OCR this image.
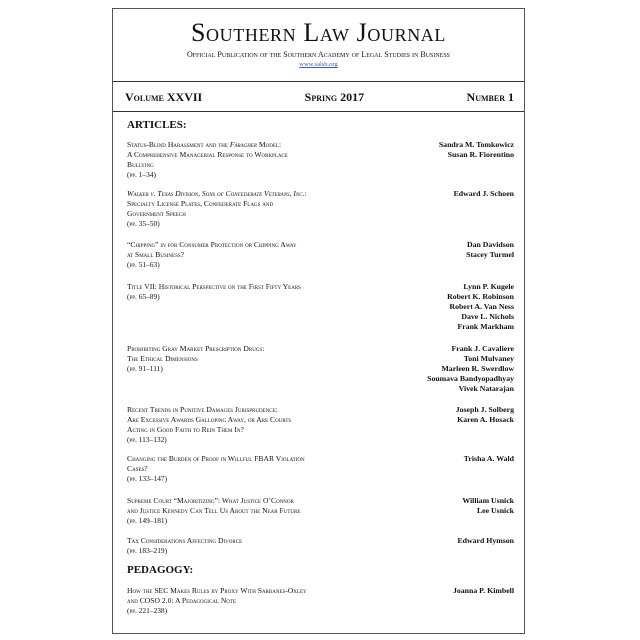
Southern Law Journal
Official Publication of the Southern Academy of Legal Studies in Business
www.salsb.org
Volume XXVII	Spring 2017	Number 1
ARTICLES:
Status-Blind Harassment and the Faragher Model:
A Comprehensive Managerial Response to Workplace
Bullying
(pp. 1–34)
Sandra M. Tomkowicz
Susan R. Fiorentino
Walker v. Texas Division, Sons of Confederate Veterans, Inc.:
Specialty License Plates, Confederate Flags and
Government Speech
(pp. 35–50)
Edward J. Schoen
“Chipping” in for Consumer Protection or Chipping Away
at Small Business?
(pp. 51–63)
Dan Davidson
Stacey Turmel
Title VII: Historical Perspective on the First Fifty Years
(pp. 65–89)
Lynn P. Kugele
Robert K. Robinson
Robert A. Van Ness
Dave L. Nichols
Frank Markham
Prohibiting Gray Market Prescription Drugs:
The Ethical Dimensions
(pp. 91–111)
Frank J. Cavaliere
Toni Mulvaney
Marleen R. Swerdlow
Soumava Bandyopadhyay
Vivek Natarajan
Recent Trends in Punitive Damages Jurisprudence:
Are Excessive Awards Galloping Away, or Are Courts
Acting in Good Faith to Rein Them In?
(pp. 113–132)
Joseph J. Solberg
Karen A. Hosack
Changing the Burden of Proof in Willful FBAR Violation
Cases?
(pp. 133–147)
Trisha A. Wald
Supreme Court “Majoritizing”: What Justice O’Connor
and Justice Kennedy Can Tell Us About the Near Future
(pp. 149–181)
William Usnick
Lee Usnick
Tax Considerations Affecting Divorce
(pp. 183–219)
Edward Hymson
PEDAGOGY:
How the SEC Makes Rules by Proxy With Sarbanes-Oxley
and COSO 2.0: A Pedagogical Note
(pp. 221–238)
Joanna P. Kimbell
